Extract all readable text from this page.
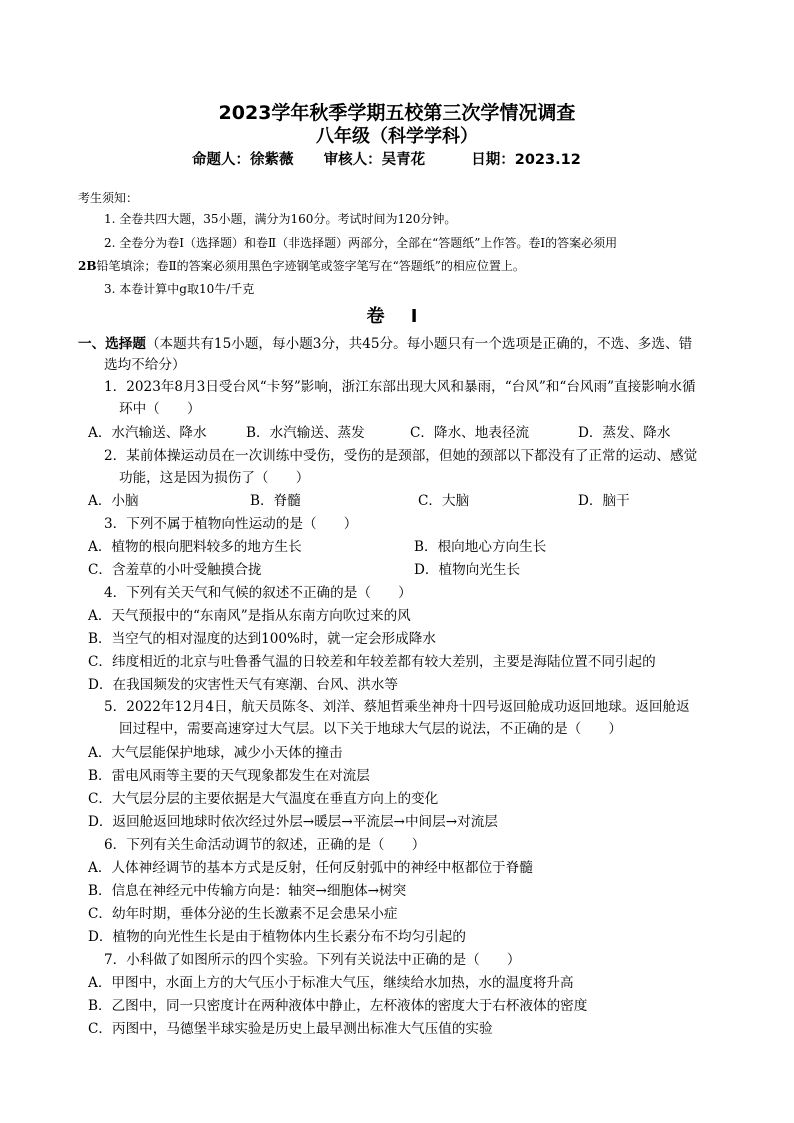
2023学年秋季学期五校第三次学情况调查
八年级（科学学科）
命题人：徐紫薇 审核人：吴青花	日期：2023.12
考生须知：
1. 全卷共四大题，35小题，满分为160分。考试时间为120分钟。
2. 全卷分为卷Ⅰ（选择题）和卷Ⅱ（非选择题）两部分，全部在“答题纸”上作答。卷Ⅰ的答案必须用
2B铅笔填涂；卷Ⅱ的答案必须用黑色字迹钢笔或签字笔写在“答题纸”的相应位置上。
3. 本卷计算中g取10牛/千克
卷 Ⅰ
一、选择题（本题共有15小题，每小题3分，共45分。每小题只有一个选项是正确的，不选、多选、错
选均不给分）
1．2023年8月3日受台风“卡努”影响，浙江东部出现大风和暴雨，“台风”和“台风雨”直接影响水循
环中（　　）
A．水汽输送、降水	B．水汽输送、蒸发	C．降水、地表径流	D．蒸发、降水
2．某前体操运动员在一次训练中受伤，受伤的是颈部，但她的颈部以下都没有了正常的运动、感觉
功能，这是因为损伤了（　　）
A．小脑	B．脊髓	C．大脑	D．脑干
3．下列不属于植物向性运动的是（　　）
A．植物的根向肥料较多的地方生长	B．根向地心方向生长
C．含羞草的小叶受触摸合拢	D．植物向光生长
4．下列有关天气和气候的叙述不正确的是（　　）
A．天气预报中的“东南风”是指从东南方向吹过来的风
B．当空气的相对湿度的达到100%时，就一定会形成降水
C．纬度相近的北京与吐鲁番气温的日较差和年较差都有较大差别，主要是海陆位置不同引起的
D．在我国频发的灾害性天气有寒潮、台风、洪水等
5．2022年12月4日，航天员陈冬、刘洋、蔡旭哲乘坐神舟十四号返回舱成功返回地球。返回舱返
回过程中，需要高速穿过大气层。以下关于地球大气层的说法，不正确的是（　　）
A．大气层能保护地球，减少小天体的撞击
B．雷电风雨等主要的天气现象都发生在对流层
C．大气层分层的主要依据是大气温度在垂直方向上的变化
D．返回舱返回地球时依次经过外层→暖层→平流层→中间层→对流层
6．下列有关生命活动调节的叙述，正确的是（　　）
A．人体神经调节的基本方式是反射，任何反射弧中的神经中枢都位于脊髓
B．信息在神经元中传输方向是：轴突→细胞体→树突
C．幼年时期，垂体分泌的生长激素不足会患呆小症
D．植物的向光性生长是由于植物体内生长素分布不均匀引起的
7．小科做了如图所示的四个实验。下列有关说法中正确的是（　　）
A．甲图中，水面上方的大气压小于标准大气压，继续给水加热，水的温度将升高
B．乙图中，同一只密度计在两种液体中静止，左杯液体的密度大于右杯液体的密度
C．丙图中，马德堡半球实验是历史上最早测出标准大气压值的实验
